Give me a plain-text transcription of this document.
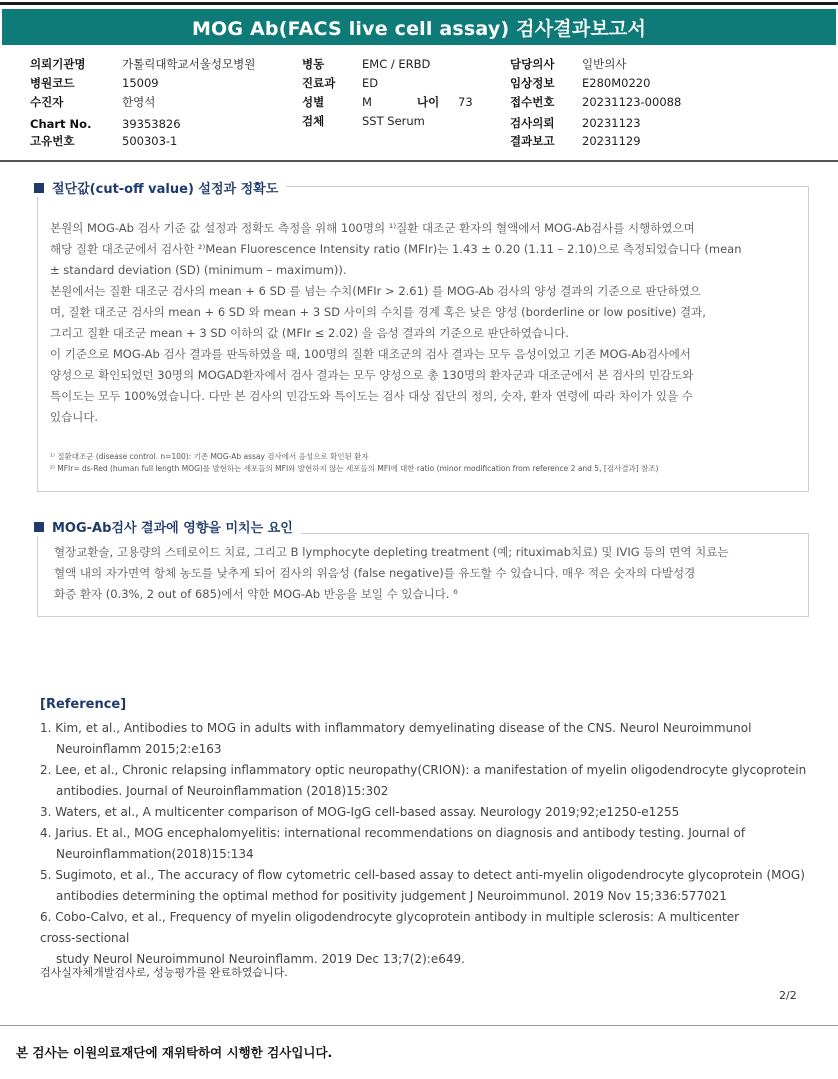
MOG Ab(FACS live cell assay) 검사결과보고서
의뢰기관명	가톨릭대학교서울성모병원
병원코드	15009
수진자	한영석
Chart No.	39353826
고유번호	500303-1
병동	EMC / ERBD
진료과 ED
성별	M	나이 73
검체	SST Serum
담당의사 일반의사
임상정보 E280M0220
접수번호 20231123-00088
검사의뢰 20231123
결과보고 20231129
절단값(cut-off value) 설정과 정확도

본원의 MOG-Ab 검사 기준 값 설정과 정확도 측정을 위해 100명의 ¹⁾질환 대조군 환자의 혈액에서 MOG-Ab검사를 시행하였으며

해당 질환 대조군에서 검사한 ²⁾Mean Fluorescence Intensity ratio (MFIr)는 1.43 ± 0.20 (1.11 – 2.10)으로 측정되었습니다 (mean

± standard deviation (SD) (minimum – maximum)).

본원에서는 질환 대조군 검사의 mean + 6 SD 를 넘는 수치(MFIr > 2.61) 를 MOG-Ab 검사의 양성 결과의 기준으로 판단하였으

며, 질환 대조군 검사의 mean + 6 SD 와 mean + 3 SD 사이의 수치를 경계 혹은 낮은 양성 (borderline or low positive) 결과,

그리고 질환 대조군 mean + 3 SD 이하의 값 (MFIr ≤ 2.02) 을 음성 결과의 기준으로 판단하였습니다.

이 기준으로 MOG-Ab 검사 결과를 판독하였을 때, 100명의 질환 대조군의 검사 결과는 모두 음성이었고 기존 MOG-Ab검사에서

양성으로 확인되었던 30명의 MOGAD환자에서 검사 결과는 모두 양성으로 총 130명의 환자군과 대조군에서 본 검사의 민감도와

특이도는 모두 100%였습니다. 다만 본 검사의 민감도와 특이도는 검사 대상 집단의 정의, 숫자, 환자 연령에 따라 차이가 있을 수

있습니다.

¹⁾ 질환대조군 (disease control. n=100): 기존 MOG-Ab assay 검사에서 음성으로 확인된 환자
²⁾ MFIr= ds-Red (human full length MOG)를 발현하는 세포들의 MFI와 발현하지 않는 세포들의 MFI에 대한 ratio (minor modification from reference 2 and 5, [검사결과] 참조)
MOG-Ab검사 결과에 영향을 미치는 요인

혈장교환술, 고용량의 스테로이드 치료, 그리고 B lymphocyte depleting treatment (예; rituximab치료) 및 IVIG 등의 면역 치료는

혈액 내의 자가면역 항체 농도를 낮추게 되어 검사의 위음성 (false negative)를 유도할 수 있습니다. 매우 적은 숫자의 다발성경

화증 환자 (0.3%, 2 out of 685)에서 약한 MOG-Ab 반응을 보일 수 있습니다. ⁶

[Reference]
1. Kim, et al., Antibodies to MOG in adults with inflammatory demyelinating disease of the CNS. Neurol Neuroimmunol
Neuroinflamm 2015;2:e163
2. Lee, et al., Chronic relapsing inflammatory optic neuropathy(CRION): a manifestation of myelin oligodendrocyte glycoprotein
antibodies. Journal of Neuroinflammation (2018)15:302
3. Waters, et al., A multicenter comparison of MOG-IgG cell-based assay. Neurology 2019;92;e1250-e1255
4. Jarius. Et al., MOG encephalomyelitis: international recommendations on diagnosis and antibody testing. Journal of
Neuroinflammation(2018)15:134
5. Sugimoto, et al., The accuracy of flow cytometric cell-based assay to detect anti-myelin oligodendrocyte glycoprotein (MOG)
antibodies determining the optimal method for positivity judgement J Neuroimmunol. 2019 Nov 15;336:577021
6. Cobo-Calvo, et al., Frequency of myelin oligodendrocyte glycoprotein antibody in multiple sclerosis: A multicenter
cross-sectional
study Neurol Neuroimmunol Neuroinflamm. 2019 Dec 13;7(2):e649.
검사실자체개발검사로, 성능평가를 완료하였습니다.
2/2
본 검사는 이원의료재단에 재위탁하여 시행한 검사입니다.
